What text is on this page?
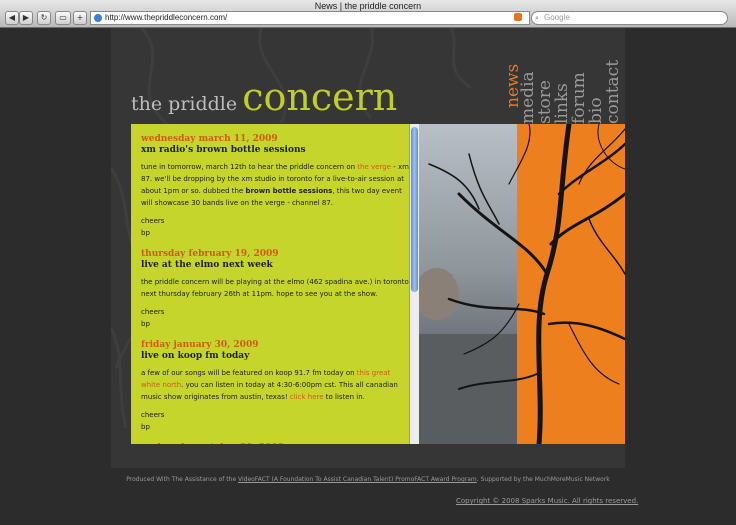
News | the priddle concern
◀ ▶	↻	▭	+	http://www.thepriddleconcern.com/	⌕ Google
the priddle concern	news
media
store
links
forum
bio
contact
wednesday march 11, 2009
xm radio's brown bottle sessions

tune in tomorrow, march 12th to hear the priddle concern on the verge - xm 87. we'll be dropping by the xm studio in toronto for a live-to-air session at about 1pm or so. dubbed the brown bottle sessions, this two day event will showcase 30 bands live on the verge - channel 87.

cheers
bp

thursday february 19, 2009
live at the elmo next week

the priddle concern will be playing at the elmo (462 spadina ave.) in toronto next thursday february 26th at 11pm. hope to see you at the show.

cheers
bp

friday january 30, 2009
live on koop fm today

a few of our songs will be featured on koop 91.7 fm today on this great white north. you can listen in today at 4:30-6:00pm cst. This all canadian music show originates from austin, texas! click here to listen in.

cheers
bp

Produced With The Assistance of the VideoFACT (A Foundation To Assist Canadian Talent) PromoFACT Award Program. Supported by the MuchMoreMusic Network
Copyright © 2008 Sparks Music. All rights reserved.
